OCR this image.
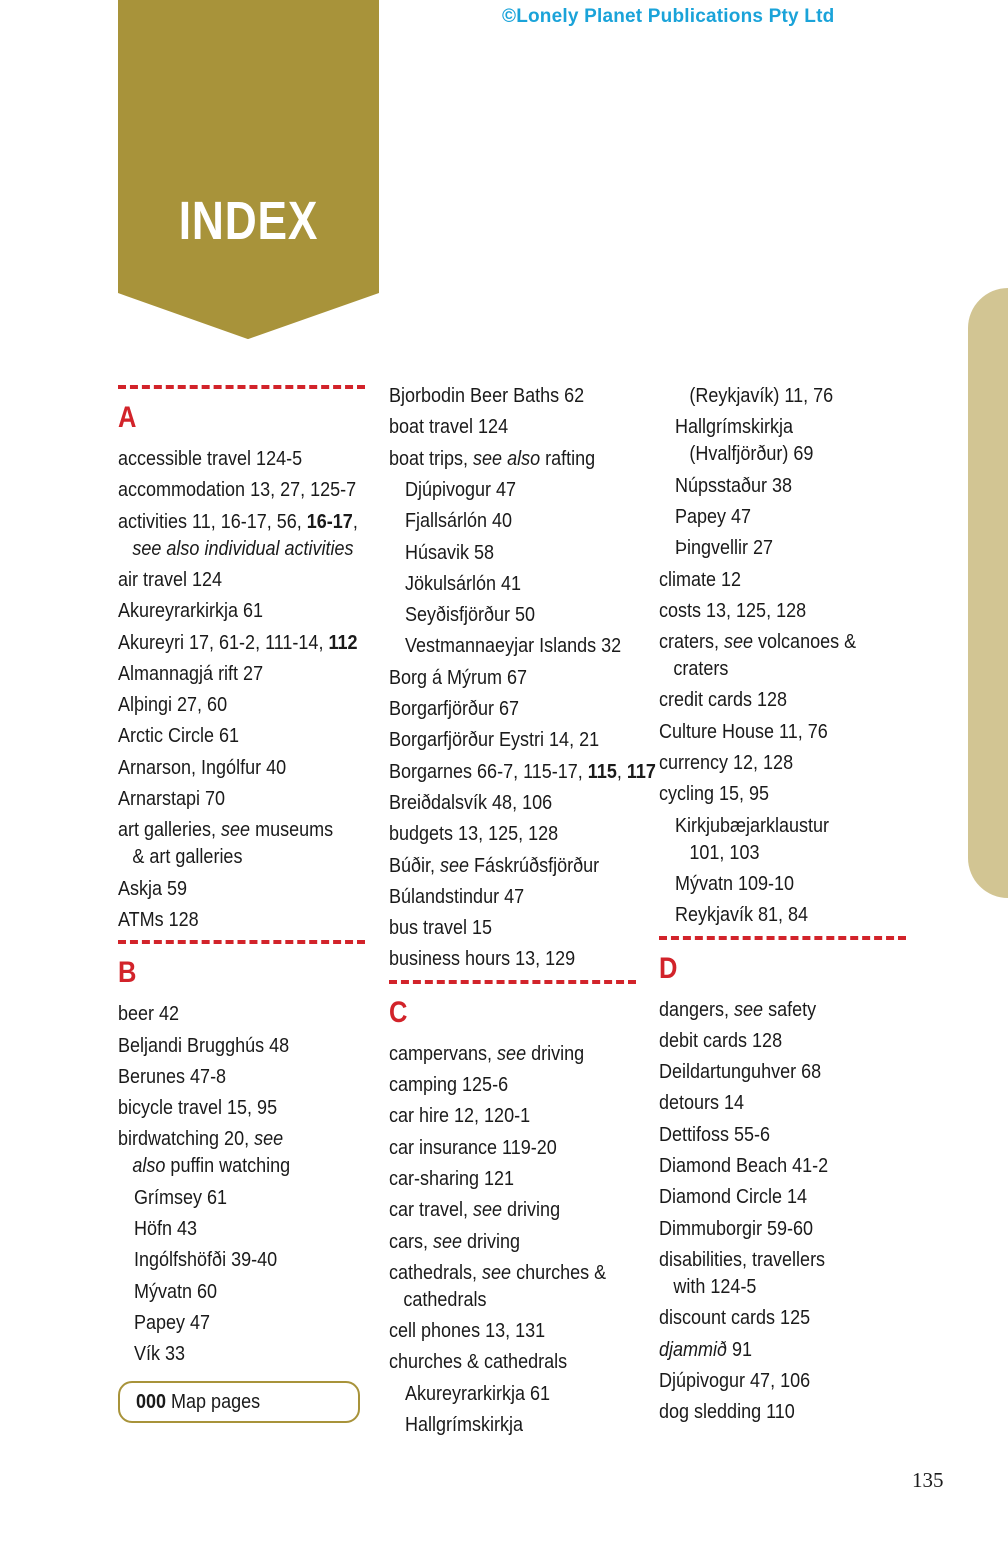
©Lonely Planet Publications Pty Ltd
INDEX
A
accessible travel 124-5
accommodation 13, 27, 125-7
activities 11, 16-17, 56, 16-17,
see also individual activities
air travel 124
Akureyrarkirkja 61
Akureyri 17, 61-2, 111-14, 112
Almannagjá rift 27
Alþingi 27, 60
Arctic Circle 61
Arnarson, Ingólfur 40
Arnarstapi 70
art galleries, see museums
& art galleries
Askja 59
ATMs 128
B
beer 42
Beljandi Brugghús 48
Berunes 47-8
bicycle travel 15, 95
birdwatching 20, see
also puffin watching
Grímsey 61
Höfn 43
Ingólfshöfði 39-40
Mývatn 60
Papey 47
Vík 33
Bjorbodin Beer Baths 62
boat travel 124
boat trips, see also rafting
Djúpivogur 47
Fjallsárlón 40
Húsavik 58
Jökulsárlón 41
Seyðisfjörður 50
Vestmannaeyjar Islands 32
Borg á Mýrum 67
Borgarfjörður 67
Borgarfjörður Eystri 14, 21
Borgarnes 66-7, 115-17, 115, 117
Breiðdalsvík 48, 106
budgets 13, 125, 128
Búðir, see Fáskrúðsfjörður
Búlandstindur 47
bus travel 15
business hours 13, 129
C
campervans, see driving
camping 125-6
car hire 12, 120-1
car insurance 119-20
car-sharing 121
car travel, see driving
cars, see driving
cathedrals, see churches &
cathedrals
cell phones 13, 131
churches & cathedrals
Akureyrarkirkja 61
Hallgrímskirkja
(Reykjavík) 11, 76
Hallgrímskirkja
(Hvalfjörður) 69
Núpsstaður 38
Papey 47
Þingvellir 27
climate 12
costs 13, 125, 128
craters, see volcanoes &
craters
credit cards 128
Culture House 11, 76
currency 12, 128
cycling 15, 95
Kirkjubæjarklaustur
101, 103
Mývatn 109-10
Reykjavík 81, 84
D
dangers, see safety
debit cards 128
Deildartunguhver 68
detours 14
Dettifoss 55-6
Diamond Beach 41-2
Diamond Circle 14
Dimmuborgir 59-60
disabilities, travellers
with 124-5
discount cards 125
djammið 91
Djúpivogur 47, 106
dog sledding 110
000 Map pages
135
